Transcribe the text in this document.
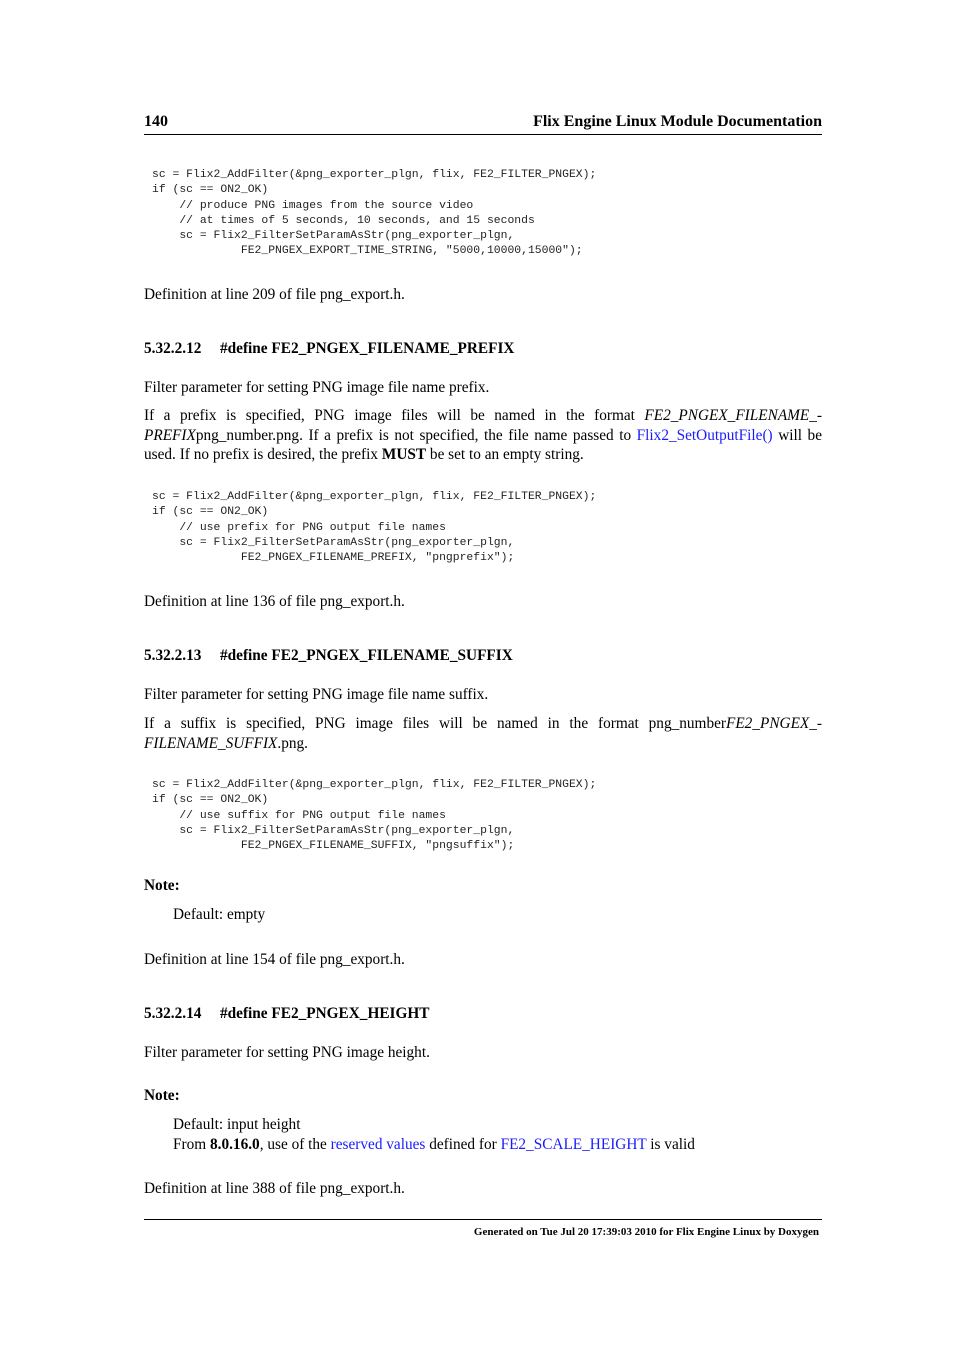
140	Flix Engine Linux Module Documentation
sc = Flix2_AddFilter(&png_exporter_plgn, flix, FE2_FILTER_PNGEX);
if (sc == ON2_OK)
// produce PNG images from the source video
// at times of 5 seconds, 10 seconds, and 15 seconds
sc = Flix2_FilterSetParamAsStr(png_exporter_plgn,
FE2_PNGEX_EXPORT_TIME_STRING, "5000,10000,15000");

Definition at line 209 of file png_export.h.

5.32.2.12 #define FE2_PNGEX_FILENAME_PREFIX

Filter parameter for setting PNG image file name prefix.

If a prefix is specified, PNG image files will be named in the format FE2_PNGEX_FILENAME_-PREFIXpng_number.png. If a prefix is not specified, the file name passed to Flix2_SetOutputFile() will be used. If no prefix is desired, the prefix MUST be set to an empty string.

sc = Flix2_AddFilter(&png_exporter_plgn, flix, FE2_FILTER_PNGEX);
if (sc == ON2_OK)
// use prefix for PNG output file names
sc = Flix2_FilterSetParamAsStr(png_exporter_plgn,
FE2_PNGEX_FILENAME_PREFIX, "pngprefix");

Definition at line 136 of file png_export.h.

5.32.2.13 #define FE2_PNGEX_FILENAME_SUFFIX

Filter parameter for setting PNG image file name suffix.

If a suffix is specified, PNG image files will be named in the format png_numberFE2_PNGEX_-FILENAME_SUFFIX.png.

sc = Flix2_AddFilter(&png_exporter_plgn, flix, FE2_FILTER_PNGEX);
if (sc == ON2_OK)
// use suffix for PNG output file names
sc = Flix2_FilterSetParamAsStr(png_exporter_plgn,
FE2_PNGEX_FILENAME_SUFFIX, "pngsuffix");
Note:
Default: empty

Definition at line 154 of file png_export.h.

5.32.2.14 #define FE2_PNGEX_HEIGHT

Filter parameter for setting PNG image height.

Note:
Default: input height
From 8.0.16.0, use of the reserved values defined for FE2_SCALE_HEIGHT is valid

Definition at line 388 of file png_export.h.

Generated on Tue Jul 20 17:39:03 2010 for Flix Engine Linux by Doxygen
